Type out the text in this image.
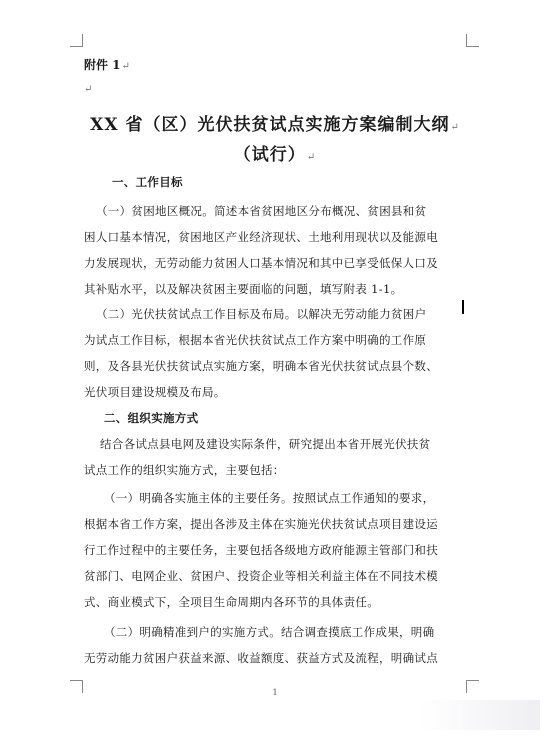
附件 1↵
↵
XX 省（区）光伏扶贫试点实施方案编制大纲↵
（试行）↵
一、工作目标
（一）贫困地区概况。简述本省贫困地区分布概况、贫困县和贫
困人口基本情况，贫困地区产业经济现状、土地利用现状以及能源电
力发展现状，无劳动能力贫困人口基本情况和其中已享受低保人口及
其补贴水平，以及解决贫困主要面临的问题，填写附表 1-1。
（二）光伏扶贫试点工作目标及布局。以解决无劳动能力贫困户
为试点工作目标，根据本省光伏扶贫试点工作方案中明确的工作原
则，及各县光伏扶贫试点实施方案，明确本省光伏扶贫试点县个数、
光伏项目建设规模及布局。
二、组织实施方式
结合各试点县电网及建设实际条件，研究提出本省开展光伏扶贫
试点工作的组织实施方式，主要包括：
（一）明确各实施主体的主要任务。按照试点工作通知的要求，
根据本省工作方案，提出各涉及主体在实施光伏扶贫试点项目建设运
行工作过程中的主要任务，主要包括各级地方政府能源主管部门和扶
贫部门、电网企业、贫困户、投资企业等相关利益主体在不同技术模
式、商业模式下，全项目生命周期内各环节的具体责任。
（二）明确精准到户的实施方式。结合调查摸底工作成果，明确
无劳动能力贫困户获益来源、收益额度、获益方式及流程，明确试点
1
